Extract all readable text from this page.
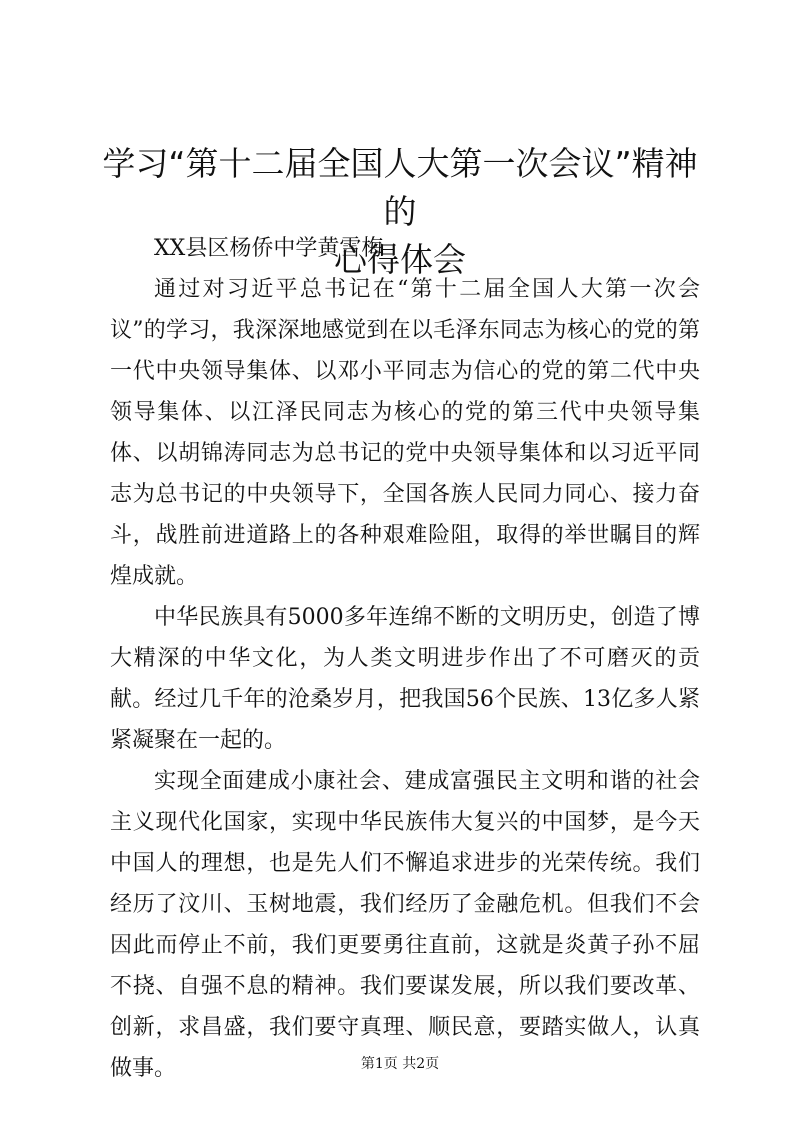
学习“第十二届全国人大第一次会议”精神的
心得体会

XX县区杨侨中学黄雪梅

通过对习近平总书记在“第十二届全国人大第一次会议”的学习，我深深地感觉到在以毛泽东同志为核心的党的第一代中央领导集体、以邓小平同志为信心的党的第二代中央领导集体、以江泽民同志为核心的党的第三代中央领导集体、以胡锦涛同志为总书记的党中央领导集体和以习近平同志为总书记的中央领导下，全国各族人民同力同心、接力奋斗，战胜前进道路上的各种艰难险阻，取得的举世瞩目的辉煌成就。

中华民族具有5000多年连绵不断的文明历史，创造了博大精深的中华文化，为人类文明进步作出了不可磨灭的贡献。经过几千年的沧桑岁月，把我国56个民族、13亿多人紧紧凝聚在一起的。

实现全面建成小康社会、建成富强民主文明和谐的社会主义现代化国家，实现中华民族伟大复兴的中国梦，是今天中国人的理想，也是先人们不懈追求进步的光荣传统。我们经历了汶川、玉树地震，我们经历了金融危机。但我们不会因此而停止不前，我们更要勇往直前，这就是炎黄子孙不屈不挠、自强不息的精神。我们要谋发展，所以我们要改革、创新，求昌盛，我们要守真理、顺民意，要踏实做人，认真做事。	第1页 共2页
